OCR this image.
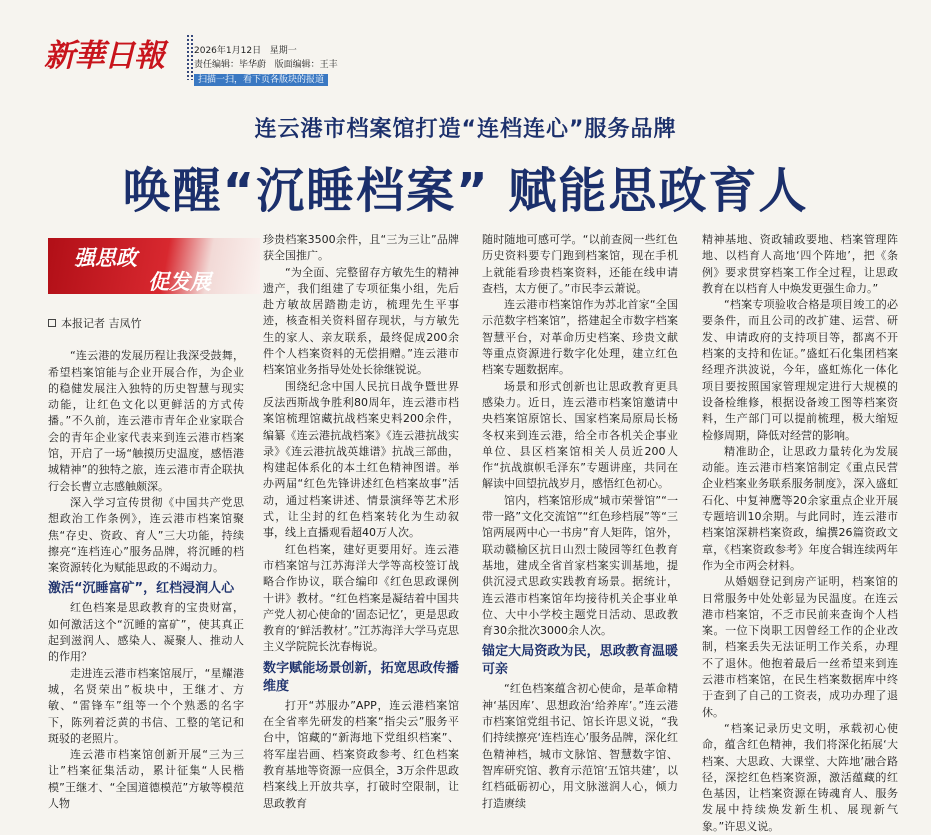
新華日報	2026年1月12日 星期一
责任编辑：毕华蔚 版面编辑：王丰
扫描一扫，看下页各版块的报道
连云港市档案馆打造“连档连心”服务品牌
唤醒“沉睡档案” 赋能思政育人
强思政
促发展

本报记者 吉凤竹

“连云港的发展历程让我深受鼓舞，希望档案馆能与企业开展合作，为企业的稳健发展注入独特的历史智慧与现实动能，让红色文化以更鲜活的方式传播。”不久前，连云港市青年企业家联合会的青年企业家代表来到连云港市档案馆，开启了一场“触摸历史温度，感悟港城精神”的独特之旅，连云港市青企联执行会长曹立志感触颇深。

深入学习宣传贯彻《中国共产党思想政治工作条例》，连云港市档案馆聚焦“存史、资政、育人”三大功能，持续擦亮“连档连心”服务品牌，将沉睡的档案资源转化为赋能思政的不竭动力。

激活“沉睡富矿”，红档浸润人心

红色档案是思政教育的宝贵财富，如何激活这个“沉睡的富矿”，使其真正起到滋润人、感染人、凝聚人、推动人的作用？

走进连云港市档案馆展厅，“星耀港城，名贤荣出”板块中，王继才、方敏、“雷锋车”组等一个个熟悉的名字下，陈列着泛黄的书信、工整的笔记和斑驳的老照片。

连云港市档案馆创新开展“三为三让”档案征集活动，累计征集“人民楷模”王继才、“全国道德模范”方敏等模范人物

珍贵档案3500余件，且“三为三让”品牌获全国推广。

“为全面、完整留存方敏先生的精神遗产，我们组建了专项征集小组，先后赴方敏故居踏勘走访，梳理先生平事迹，核查相关资料留存现状，与方敏先生的家人、亲友联系，最终促成200余件个人档案资料的无偿捐赠。”连云港市档案馆业务指导处处长徐继锐说。

围绕纪念中国人民抗日战争暨世界反法西斯战争胜利80周年，连云港市档案馆梳理馆藏抗战档案史料200余件，编纂《连云港抗战档案》《连云港抗战实录》《连云港抗战英雄谱》抗战三部曲，构建起体系化的本土红色精神图谱。举办两届“红色先锋讲述红色档案故事”活动，通过档案讲述、情景演绎等艺术形式，让尘封的红色档案转化为生动叙事，线上直播观看超40万人次。

红色档案，建好更要用好。连云港市档案馆与江苏海洋大学等高校签订战略合作协议，联合编印《红色思政课例十讲》教材。“红色档案是凝结着中国共产党人初心使命的‘固态记忆’，更是思政教育的‘鲜活教材’。”江苏海洋大学马克思主义学院院长沈春梅说。

数字赋能场景创新，拓宽思政传播维度

打开“苏服办”APP，连云港档案馆在全省率先研发的档案“指尖云”服务平台中，馆藏的“新海地下党组织档案”、将军崖岩画、档案资政参考、红色档案教育基地等资源一应俱全，3万余件思政档案线上开放共享，打破时空限制，让思政教育

随时随地可感可学。“以前查阅一些红色历史资料要专门跑到档案馆，现在手机上就能看珍贵档案资料，还能在线申请查档，太方便了。”市民李云萧说。

连云港市档案馆作为苏北首家“全国示范数字档案馆”，搭建起全市数字档案智慧平台，对革命历史档案、珍贵文献等重点资源进行数字化处理，建立红色档案专题数据库。

场景和形式创新也让思政教育更具感染力。近日，连云港市档案馆邀请中央档案馆原馆长、国家档案局原局长杨冬权来到连云港，给全市各机关企事业单位、县区档案馆相关人员近200人作“抗战旗帜毛泽东”专题讲座，共同在解读中回望抗战岁月，感悟红色初心。

馆内，档案馆形成“城市荣誉馆”“一带一路”文化交流馆”“红色珍档展”等“三馆两展两中心一书房”育人矩阵，馆外，联动赣榆区抗日山烈士陵园等红色教育基地，建成全省首家档案实训基地，提供沉浸式思政实践教育场景。据统计，连云港市档案馆年均接待机关企事业单位、大中小学校主题党日活动、思政教育30余批次3000余人次。

锚定大局资政为民，思政教育温暖可亲

“红色档案蕴含初心使命，是革命精神‘基因库’、思想政治‘给养库’。”连云港市档案馆党组书记、馆长许思义说，“我们持续擦亮‘连档连心’服务品牌，深化红色精神档，城市文脉馆、智慧数字馆、智库研究馆、教育示范馆‘五馆共建’，以红档砥砺初心，用文脉滋润人心，倾力打造赓续

精神基地、资政辅政要地、档案管理阵地、以档育人高地‘四个阵地’，把《条例》要求贯穿档案工作全过程，让思政教育在以档育人中焕发更强生命力。”

“档案专项验收合格是项目竣工的必要条件，而且公司的改扩建、运营、研发、申请政府的支持项目等，都离不开档案的支持和佐证。”盛虹石化集团档案经理齐洪波说，今年，盛虹炼化一体化项目要按照国家管理规定进行大规模的设备检维修，根据设备竣工图等档案资料，生产部门可以提前梳理，极大缩短检修周期，降低对经营的影响。

精准助企，让思政力量转化为发展动能。连云港市档案馆制定《重点民营企业档案业务联系服务制度》，深入盛虹石化、中复神鹰等20余家重点企业开展专题培训10余期。与此同时，连云港市档案馆深耕档案资政，编撰26篇资政文章，《档案资政参考》年度合辑连续两年作为全市两会材料。

从婚姻登记到房产证明，档案馆的日常服务中处处彰显为民温度。在连云港市档案馆，不乏市民前来查询个人档案。一位下岗职工因曾经工作的企业改制，档案丢失无法证明工作关系，办理不了退休。他抱着最后一丝希望来到连云港市档案馆，在民生档案数据库中终于查到了自己的工资表，成功办理了退休。

“档案记录历史文明，承载初心使命，蕴含红色精神，我们将深化拓展‘大档案、大思政、大课堂、大阵地’融合路径，深挖红色档案资源，激活蕴藏的红色基因，让档案资源在铸魂育人、服务发展中持续焕发新生机、展现新气象。”许思义说。
